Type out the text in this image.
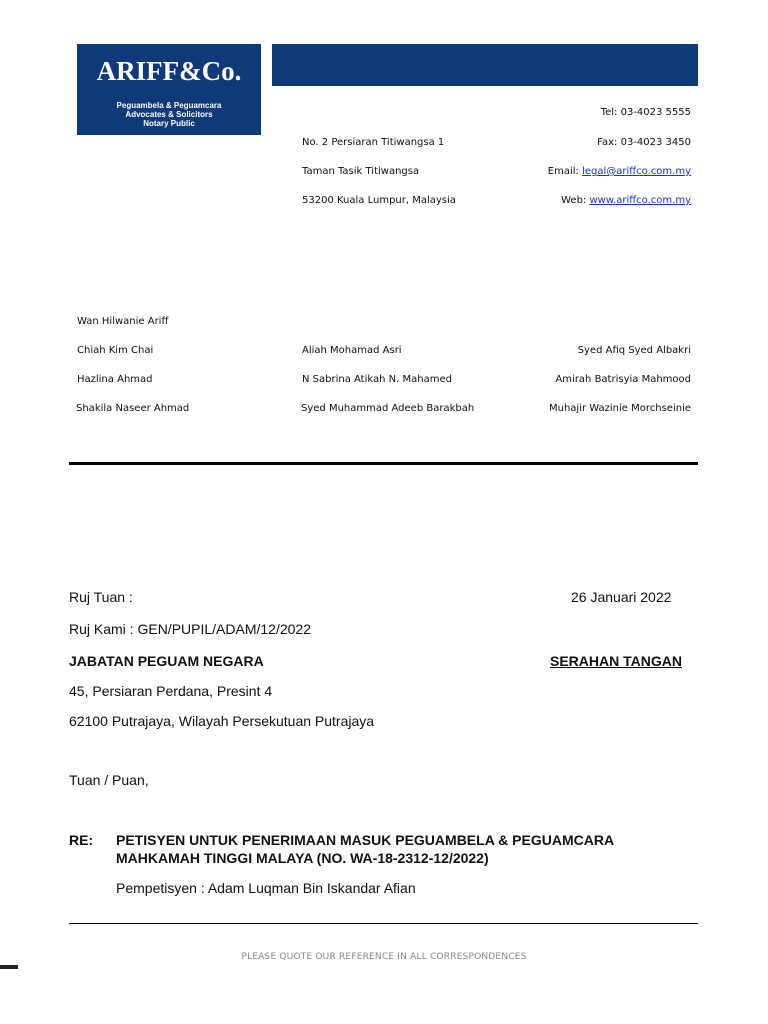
ARIFF&Co.
Peguambela & Peguamcara
Advocates & Solicitors
Notary Public
No. 2 Persiaran Titiwangsa 1
Taman Tasik Titiwangsa
53200 Kuala Lumpur, Malaysia
Tel: 03-4023 5555
Fax: 03-4023 3450
Email: legal@ariffco.com.my
Web: www.ariffco.com.my
Wan Hilwanie Ariff
Chiah Kim Chai
Hazlina Ahmad
Shakila Naseer Ahmad
Aliah Mohamad Asri
N Sabrina Atikah N. Mahamed
Syed Muhammad Adeeb Barakbah
Syed Afiq Syed Albakri
Amirah Batrisyia Mahmood
Muhajir Wazinie Morchseinie
Ruj Tuan :	26 Januari 2022
Ruj Kami : GEN/PUPIL/ADAM/12/2022
JABATAN PEGUAM NEGARA	SERAHAN TANGAN
45, Persiaran Perdana, Presint 4
62100 Putrajaya, Wilayah Persekutuan Putrajaya
Tuan / Puan,
RE: PETISYEN UNTUK PENERIMAAN MASUK PEGUAMBELA & PEGUAMCARA
MAHKAMAH TINGGI MALAYA (NO. WA-18-2312-12/2022)
Pempetisyen : Adam Luqman Bin Iskandar Afian
PLEASE QUOTE OUR REFERENCE IN ALL CORRESPONDENCES
